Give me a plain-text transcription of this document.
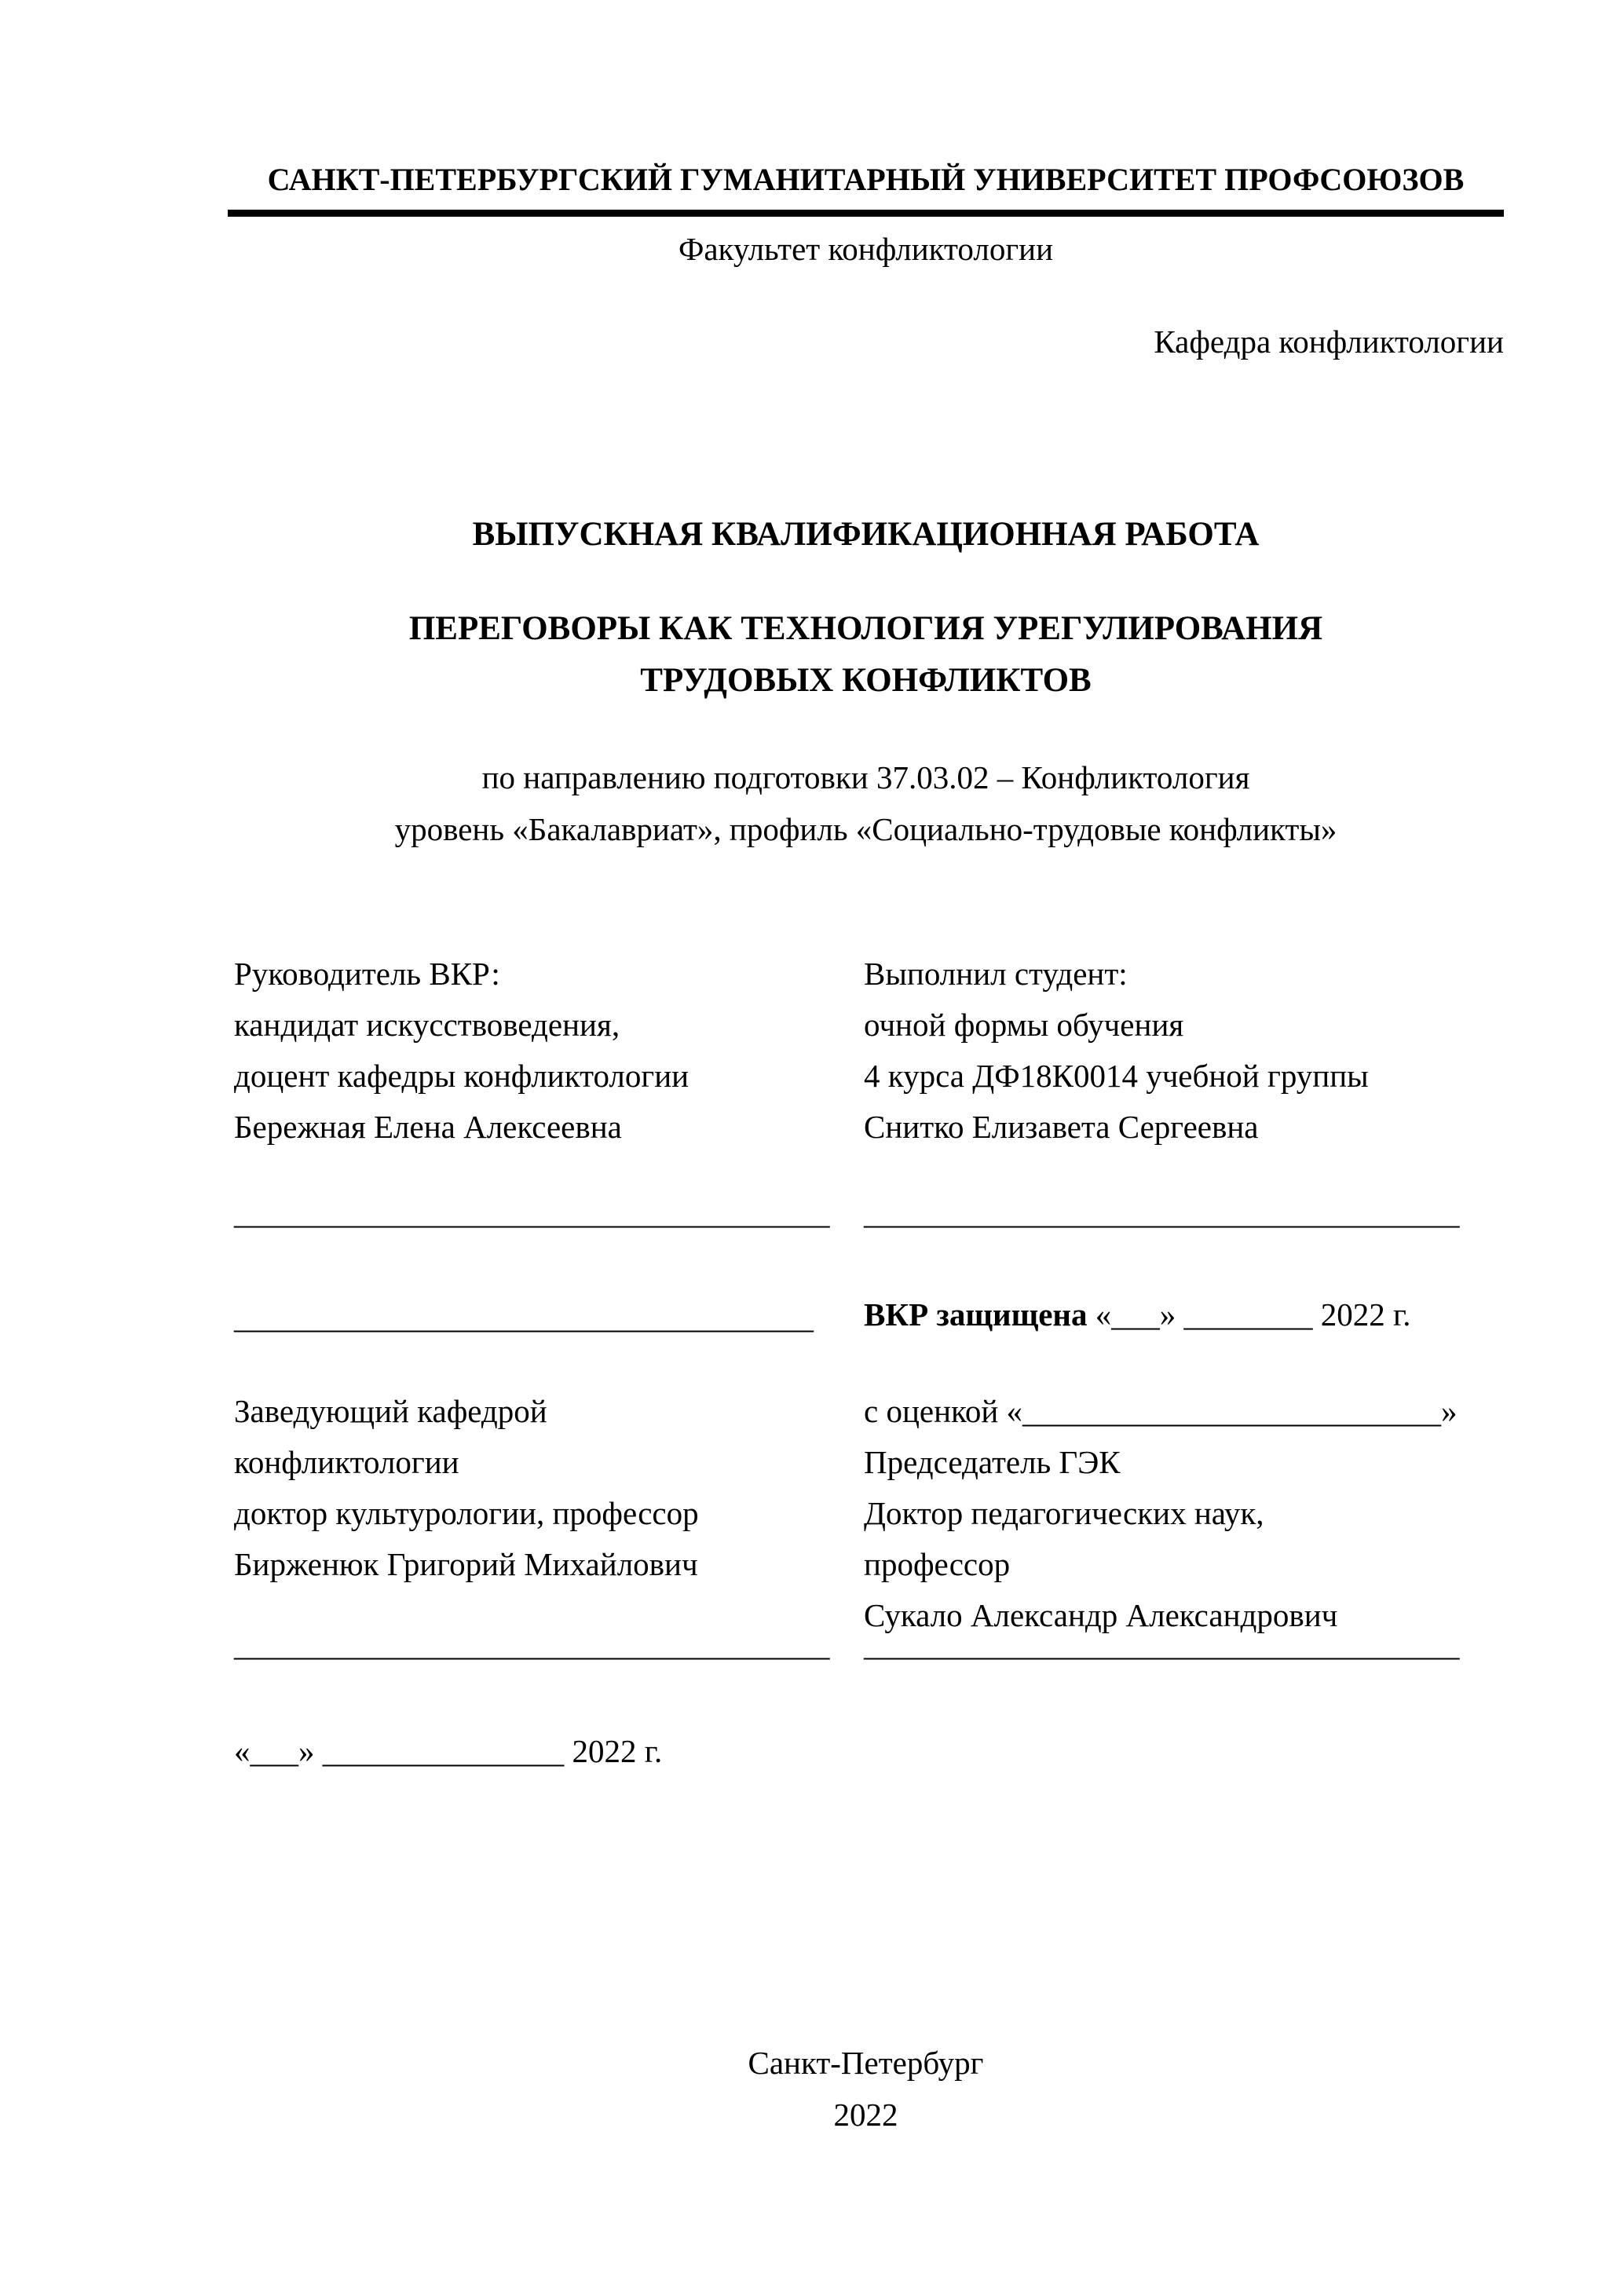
САНКТ-ПЕТЕРБУРГСКИЙ ГУМАНИТАРНЫЙ УНИВЕРСИТЕТ ПРОФСОЮЗОВ
Факультет конфликтологии
Кафедра конфликтологии
ВЫПУСКНАЯ КВАЛИФИКАЦИОННАЯ РАБОТА
ПЕРЕГОВОРЫ КАК ТЕХНОЛОГИЯ УРЕГУЛИРОВАНИЯ
ТРУДОВЫХ КОНФЛИКТОВ
по направлению подготовки 37.03.02 – Конфликтология
уровень «Бакалавриат», профиль «Социально-трудовые конфликты»
Руководитель ВКР:
кандидат искусствоведения,
доцент кафедры конфликтологии
Бережная Елена Алексеевна
Выполнил студент:
очной формы обучения
4 курса ДФ18К0014 учебной группы
Снитко Елизавета Сергеевна
_____________________________________ _____________________________________
____________________________________ ВКР защищена «___» ________ 2022 г.
Заведующий кафедрой
конфликтологии
доктор культурологии, профессор
Бирженюк Григорий Михайлович
с оценкой «__________________________»
Председатель ГЭК
Доктор педагогических наук,
профессор
Сукало Александр Александрович
_____________________________________ _____________________________________
«___» _______________ 2022 г.
Санкт-Петербург
2022
